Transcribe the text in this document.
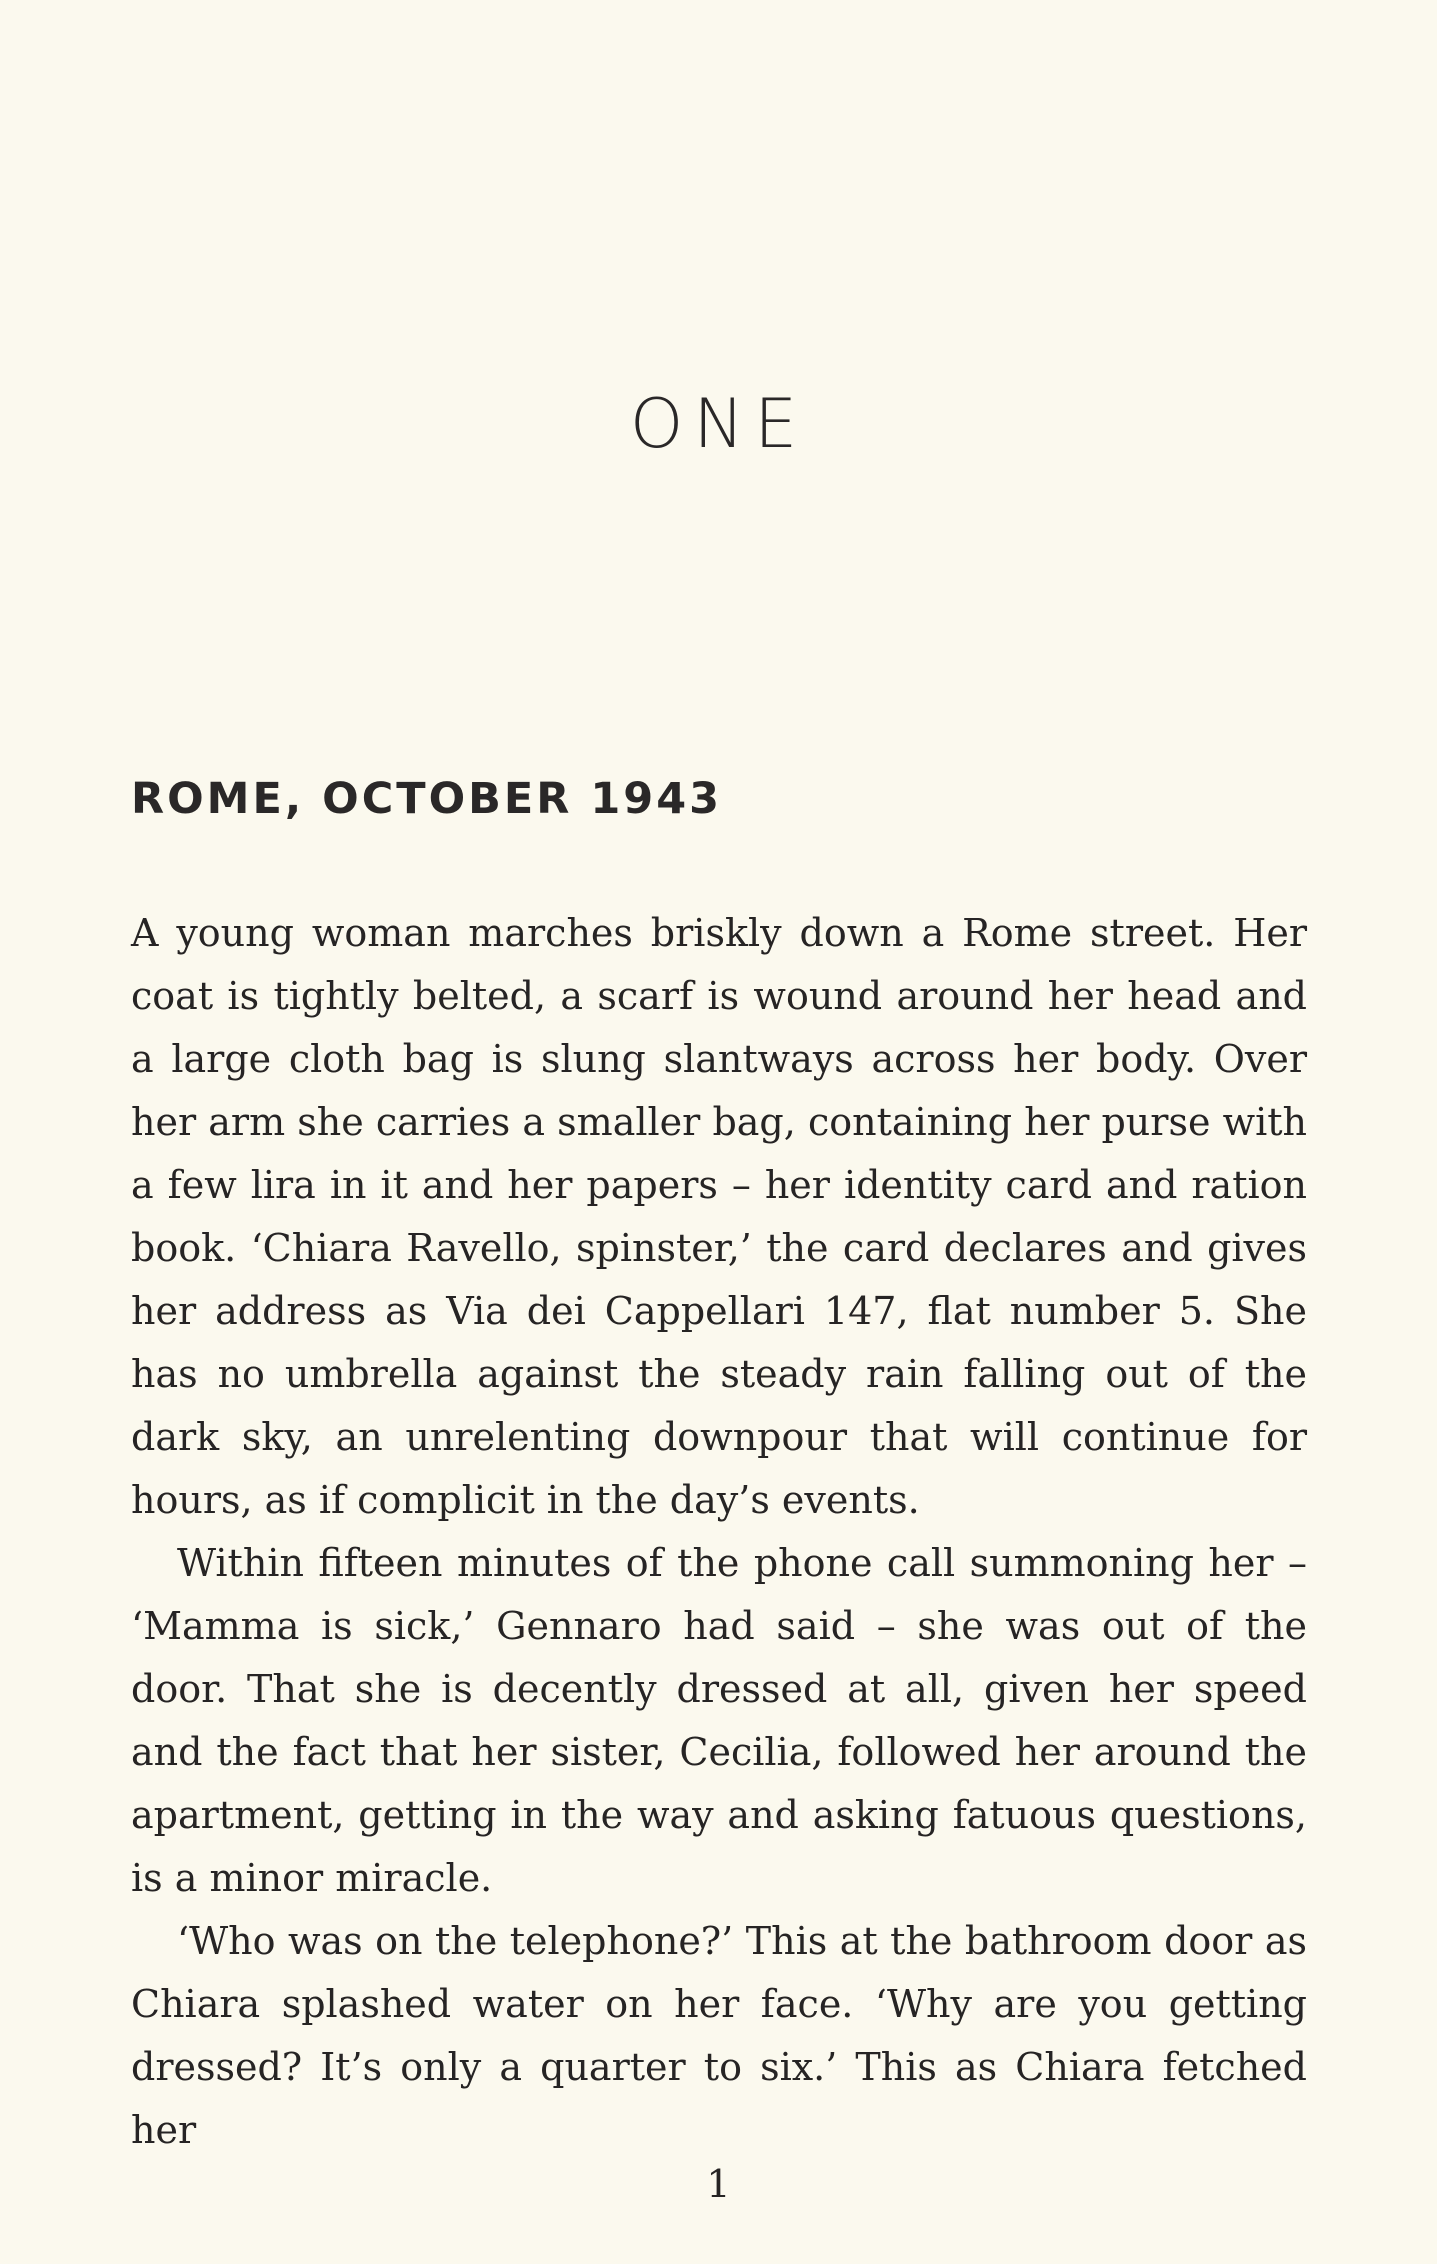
ONE
ROME, OCTOBER 1943

A young woman marches briskly down a Rome street. Her coat is tightly belted, a scarf is wound around her head and a large cloth bag is slung slantways across her body. Over her arm she carries a smaller bag, containing her purse with a few lira in it and her papers – her identity card and ration book. ‘Chiara Ravello, spinster,’ the card declares and gives her address as Via dei Cappellari 147, flat number 5. She has no umbrella against the steady rain falling out of the dark sky, an unrelenting downpour that will continue for hours, as if complicit in the day’s events.

Within fifteen minutes of the phone call summoning her – ‘Mamma is sick,’ Gennaro had said – she was out of the door. That she is decently dressed at all, given her speed and the fact that her sister, Cecilia, followed her around the apartment, getting in the way and asking fatuous questions, is a minor miracle.

‘Who was on the telephone?’ This at the bathroom door as Chiara splashed water on her face. ‘Why are you getting dressed? It’s only a quarter to six.’ This as Chiara fetched her

1
